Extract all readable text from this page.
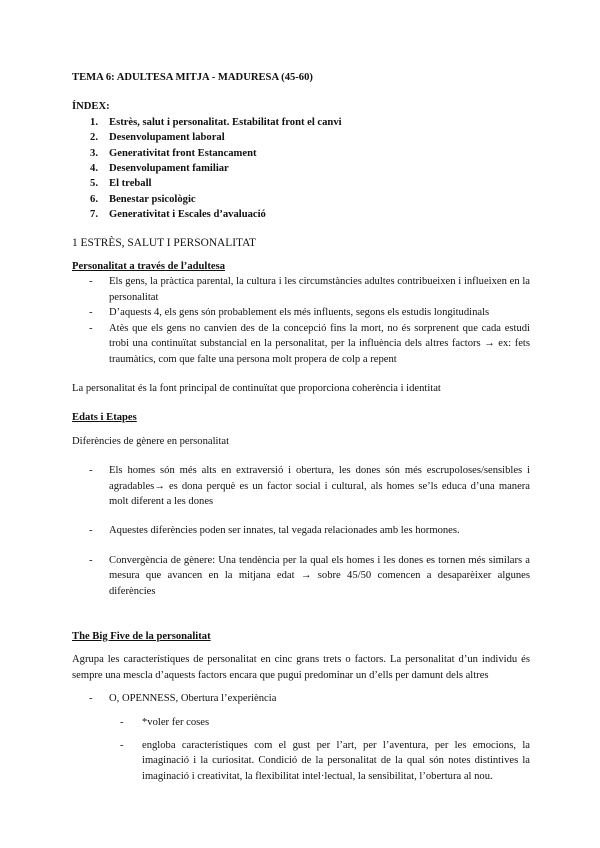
TEMA 6: ADULTESA MITJA - MADURESA (45-60)

ÍNDEX:
1.	Estrès, salut i personalitat. Estabilitat front el canvi
2.	Desenvolupament laboral
3.	Generativitat front Estancament
4.	Desenvolupament familiar
5.	El treball
6.	Benestar psicològic
7.	Generativitat i Escales d’avaluació
1 ESTRÈS, SALUT I PERSONALITAT
Personalitat a través de l’adultesa
-	Els gens, la pràctica parental, la cultura i les circumstàncies adultes contribueixen i influeixen en la personalitat
-	D’aquests 4, els gens són probablement els més influents, segons els estudis longitudinals
-	Atès que els gens no canvien des de la concepció fins la mort, no és sorprenent que cada estudi trobi una continuïtat substancial en la personalitat, per la influència dels altres factors → ex: fets traumàtics, com que falte una persona molt propera de colp a repent

La personalitat és la font principal de continuïtat que proporciona coherència i identitat

Edats i Etapes

Diferències de gènere en personalitat

-	Els homes són més alts en extraversió i obertura, les dones són més escrupoloses/sensibles i agradables→ es dona perquè es un factor social i cultural, als homes se’ls educa d’una manera molt diferent a les dones
-	Aquestes diferències poden ser innates, tal vegada relacionades amb les hormones.
-	Convergència de gènere: Una tendència per la qual els homes i les dones es tornen més similars a mesura que avancen en la mitjana edat → sobre 45/50 comencen a desaparèixer algunes diferències
The Big Five de la personalitat

Agrupa les característiques de personalitat en cinc grans trets o factors. La personalitat d’un individu és sempre una mescla d’aquests factors encara que pugui predominar un d’ells per damunt dels altres

-	O, OPENNESS, Obertura l’experiència
-	*voler fer coses
-	engloba característiques com el gust per l’art, per l’aventura, per les emocions, la imaginació i la curiositat. Condició de la personalitat de la qual són notes distintives la imaginació i creativitat, la flexibilitat intel·lectual, la sensibilitat, l’obertura al nou.
